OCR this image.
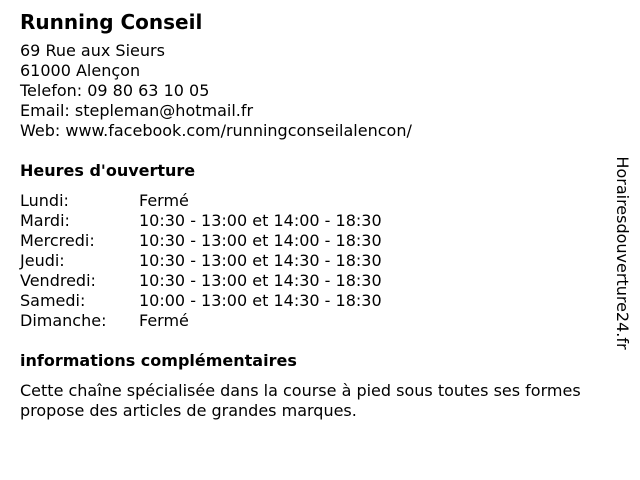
Running Conseil
69 Rue aux Sieurs
61000 Alençon
Telefon: 09 80 63 10 05
Email: stepleman@hotmail.fr
Web: www.facebook.com/runningconseilalencon/
Heures d'ouverture
Lundi:	Fermé
Mardi:	10:30 - 13:00 et 14:00 - 18:30
Mercredi:	10:30 - 13:00 et 14:00 - 18:30
Jeudi:	10:30 - 13:00 et 14:30 - 18:30
Vendredi:	10:30 - 13:00 et 14:30 - 18:30
Samedi:	10:00 - 13:00 et 14:30 - 18:30
Dimanche: Fermé
informations complémentaires
Cette chaîne spécialisée dans la course à pied sous toutes ses formes propose des articles de grandes marques.
Horairesdouverture24.fr
